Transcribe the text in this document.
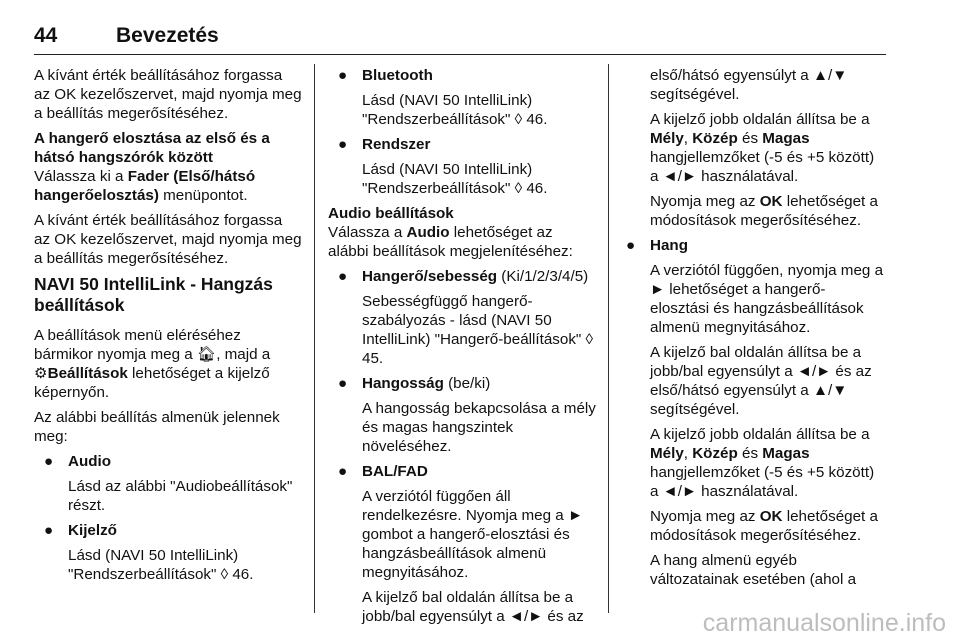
44	Bevezetés

A kívánt érték beállításához forgassa az OK kezelőszervet, majd nyomja meg a beállítás megerősítéséhez.

A hangerő elosztása az első és a hátsó hangszórók között

Válassza ki a Fader (Első/hátsó hangerőelosztás) menüpontot.

A kívánt érték beállításához forgassa az OK kezelőszervet, majd nyomja meg a beállítás megerősítéséhez.

NAVI 50 IntelliLink - Hangzás beállítások

A beállítások menü eléréséhez bármikor nyomja meg a 🏠︎, majd a
⚙Beállítások lehetőséget a kijelző képernyőn.

Az alábbi beállítás almenük jelennek meg:

● Audio

Lásd az alábbi "Audiobeállítások" részt.

● Kijelző

Lásd (NAVI 50 IntelliLink) "Rendszerbeállítások" ◊ 46.

● Bluetooth

Lásd (NAVI 50 IntelliLink) "Rendszerbeállítások" ◊ 46.

● Rendszer

Lásd (NAVI 50 IntelliLink) "Rendszerbeállítások" ◊ 46.

Audio beállítások

Válassza a Audio lehetőséget az alábbi beállítások megjelenítéséhez:

● Hangerő/sebesség (Ki/1/2/3/4/5)

Sebességfüggő hangerő-szabályozás - lásd (NAVI 50 IntelliLink) "Hangerő-beállítások" ◊ 45.

● Hangosság (be/ki)

A hangosság bekapcsolása a mély és magas hangszintek növeléséhez.

● BAL/FAD

A verziótól függően áll rendelkezésre. Nyomja meg a ► gombot a hangerő-elosztási és hangzásbeállítások almenü megnyitásához.

A kijelző bal oldalán állítsa be a jobb/bal egyensúlyt a ◄/► és az

első/hátsó egyensúlyt a ▲/▼ segítségével.

A kijelző jobb oldalán állítsa be a Mély, Közép és Magas hangjellemzőket (-5 és +5 között) a ◄/► használatával.

Nyomja meg az OK lehetőséget a módosítások megerősítéséhez.

● Hang

A verziótól függően, nyomja meg a ► lehetőséget a hangerő-elosztási és hangzásbeállítások almenü megnyitásához.

A kijelző bal oldalán állítsa be a jobb/bal egyensúlyt a ◄/► és az első/hátsó egyensúlyt a ▲/▼ segítségével.

A kijelző jobb oldalán állítsa be a Mély, Közép és Magas hangjellemzőket (-5 és +5 között) a ◄/► használatával.

Nyomja meg az OK lehetőséget a módosítások megerősítéséhez.

A hang almenü egyéb változatainak esetében (ahol a

carmanualsonline.info
